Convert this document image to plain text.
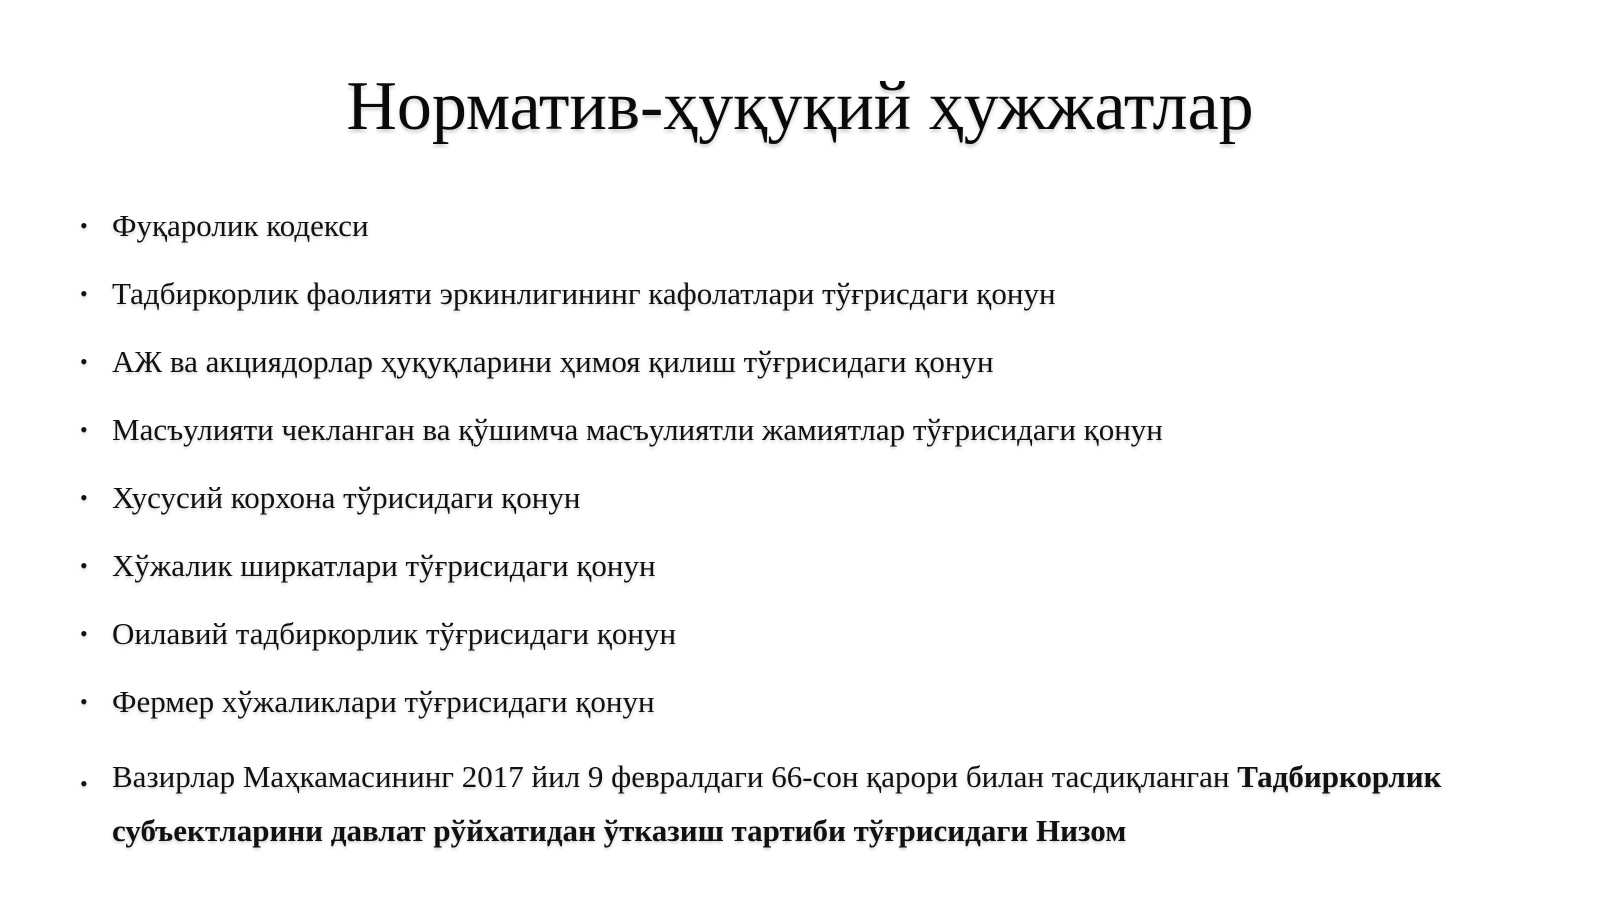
Норматив-ҳуқуқий ҳужжатлар
• Фуқаролик кодекси
• Тадбиркорлик фаолияти эркинлигининг кафолатлари тўғрисдаги қонун
• АЖ ва акциядорлар ҳуқуқларини ҳимоя қилиш тўғрисидаги қонун
• Масъулияти чекланган ва қўшимча масъулиятли жамиятлар тўғрисидаги қонун
• Хусусий корхона тўрисидаги қонун
• Хўжалик ширкатлари тўғрисидаги қонун
• Оилавий тадбиркорлик тўғрисидаги қонун
• Фермер хўжаликлари тўғрисидаги қонун
• Вазирлар Маҳкамасининг 2017 йил 9 февралдаги 66-сон қарори билан тасдиқланган Тадбиркорлик субъектларини давлат рўйхатидан ўтказиш тартиби тўғрисидаги Низом
